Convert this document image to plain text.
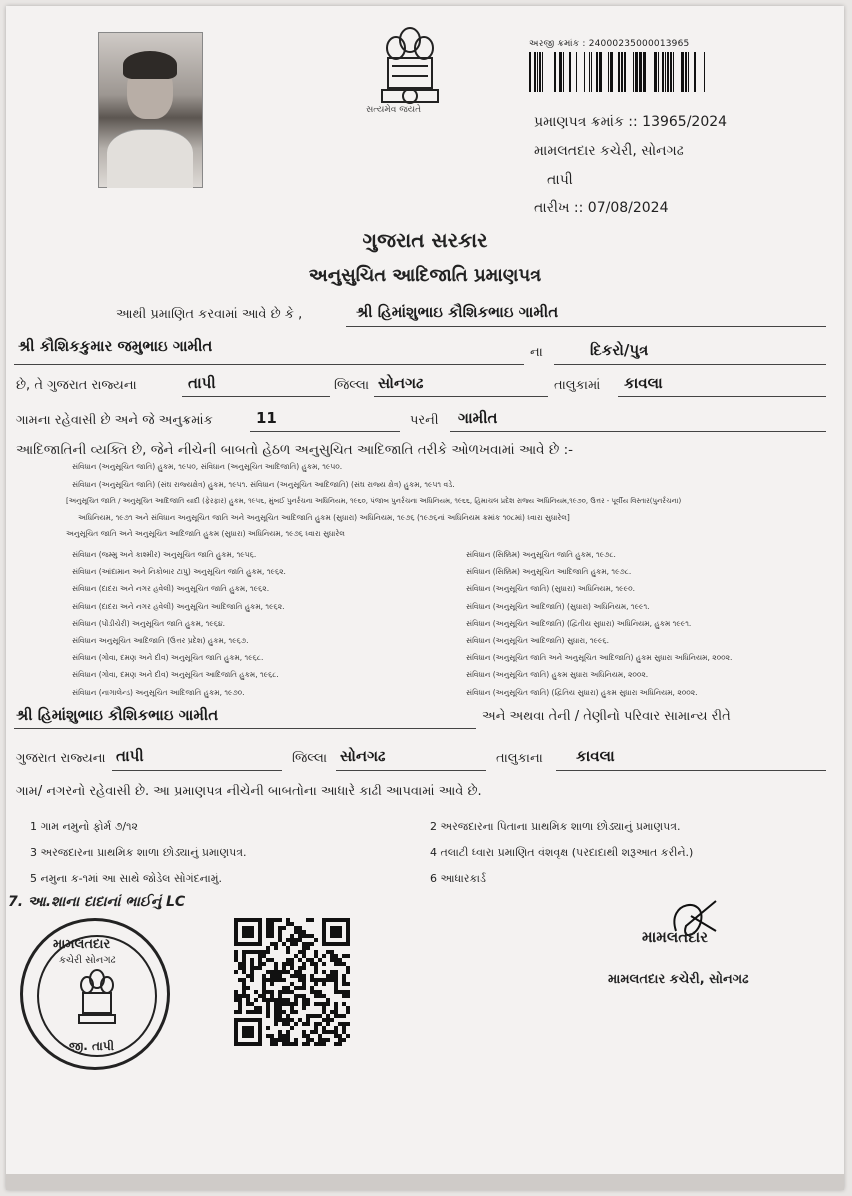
સત્યમેવ જયતે
અરજી ક્રમાંક : 24000235000013965
પ્રમાણપત્ર ક્રમાંક :: 13965/2024
મામલતદાર કચેરી, સોનગઢ
તાપી
તારીખ :: 07/08/2024
ગુજરાત સરકાર
અનુસુચિત આદિજાતિ પ્રમાણપત્ર
આથી પ્રમાણિત કરવામાં આવે છે કે ,	શ્રી હિમાંશુભાઇ કૌશિકભાઇ ગામીત
શ્રી કૌશિકકુમાર જમુભાઇ ગામીત	ના	દિકરો/પુત્ર
છે, તે ગુજરાત રાજ્યના	તાપી	જિલ્લા સોનગઢ	તાલુકામાં કાવલા
ગામના રહેવાસી છે અને જે અનુક્રમાંક	11	પરની ગામીત
આદિજાતિની વ્યક્તિ છે, જેને નીચેની બાબતો હેઠળ અનુસુચિત આદિજાતિ તરીકે ઓળખવામાં આવે છે :-
સંવિધાન (અનુસૂચિત જાતિ) હુકમ, ૧૯૫૦, સંવિધાન (અનુસૂચિત આદિજાતિ) હુકમ, ૧૯૫૦.
સંવિધાન (અનુસૂચિત જાતિ) (સંઘ રાજ્યક્ષેત્ર) હુકમ, ૧૯૫૧. સંવિધાન (અનુસૂચિત આદિજાતિ) (સંઘ રાજ્ય ક્ષેત્ર) હુકમ, ૧૯૫૧ વડે.
[અનુસૂચિત જાતિ / અનુસૂચિત આદિજાતિ યાદી (ફેરફાર) હુકમ, ૧૯૫૬, મુંબઈ પુનર્રચના અધિનિયમ, ૧૯૬૦, પંજાબ પુનર્રચના અધિનિયમ, ૧૯૬૬, હિમાચલ પ્રદેશ રાજ્ય અધિનિયમ,૧૯૭૦, ઉત્તર - પૂર્વીય વિસ્તાર(પુનર્રચના)
અધિનિયમ, ૧૯૭૧ અને સંવિધાન અનુસૂચિત જાતિ અને અનુસૂચિત આદિજાતિ હુકમ (સુધારા) અધિનિયમ, ૧૯૭૬ (૧૯૭૬નાં અધિનિયમ ક્રમાંક ૧૦૮માં) ધ્વારા સુધારેલ]
અનુસૂચિત જાતિ અને અનુસૂચિત આદિજાતિ હુકમ (સુધારા) અધિનિયમ, ૧૯૭૬ ધ્વારા સુધારેલ
સંવિધાન (જમ્મુ અને કાશ્મીર) અનુસૂચિત જાતિ હુકમ, ૧૯૫૬.
સંવિધાન (આંદામાન અને નિકોબાર ટાપુ) અનુસૂચિત જાતિ હુકમ, ૧૯૬૨.
સંવિધાન (દાદરા અને નગર હવેલી) અનુસૂચિત જાતિ હુકમ, ૧૯૬૨.
સંવિધાન (દાદરા અને નગર હવેલી) અનુસૂચિત આદિજાતિ હુકમ, ૧૯૬૨.
સંવિધાન (પોંડીચેરી) અનુસૂચિત જાતિ હુકમ, ૧૯૬૪.
સંવિધાન અનુસૂચિત આદિજાતિ (ઉત્તર પ્રદેશ) હુકમ, ૧૯૬૭.
સંવિધાન (ગોવા, દમણ અને દીવ) અનુસૂચિત જાતિ હુકમ, ૧૯૬૮.
સંવિધાન (ગોવા, દમણ અને દીવ) અનુસૂચિત આદિજાતિ હુકમ, ૧૯૬૮.
સંવિધાન (નાગાલેન્ડ) અનુસૂચિત આદિજાતિ હુકમ, ૧૯૭૦.
સંવિધાન (સિક્કિમ) અનુસૂચિત જાતિ હુકમ, ૧૯૭૮.
સંવિધાન (સિક્કિમ) અનુસૂચિત આદિજાતિ હુકમ, ૧૯૭૮.
સંવિધાન (અનુસૂચિત જાતિ) (સુધારા) અધિનિયમ, ૧૯૯૦.
સંવિધાન (અનુસૂચિત આદિજાતિ) (સુધારા) અધિનિયમ, ૧૯૯૧.
સંવિધાન (અનુસૂચિત આદિજાતિ) (દ્વિતીય સુધારા) અધિનિયમ, હુકમ ૧૯૯૧.
સંવિધાન (અનુસૂચિત આદિજાતિ) સુધારા, ૧૯૯૬.
સંવિધાન (અનુસૂચિત જાતિ અને અનુસૂચિત આદિજાતિ) હુકમ સુધારા અધિનિયમ, ૨૦૦૨.
સંવિધાન (અનુસૂચિત જાતિ) હુકમ સુધારા અધિનિયમ, ૨૦૦૨.
સંવિધાન (અનુસૂચિત જાતિ) (દ્વિતિય સુધારા) હુકમ સુધારા અધિનિયમ, ૨૦૦૨.
શ્રી હિમાંશુભાઇ કૌશિકભાઇ ગામીત	અને અથવા તેની / તેણીનો પરિવાર સામાન્ય રીતે
ગુજરાત રાજ્યના તાપી	જિલ્લા સોનગઢ	તાલુકાના કાવલા
ગામ/ નગરનો રહેવાસી છે. આ પ્રમાણપત્ર નીચેની બાબતોના આધારે કાઢી આપવામાં આવે છે.
1 ગામ નમુનો ફોર્મ ૭/૧૨	2 અરજદારના પિતાના પ્રાથમિક શાળા છોડ્યાનું પ્રમાણપત્ર.
3 અરજદારના પ્રાથમિક શાળા છોડ્યાનું પ્રમાણપત્ર.	4 તલાટી ધ્વારા પ્રમાણિત વંશવૃક્ષ (પરદાદાથી શરૂઆત કરીને.)
5 નમુના ક-૧માં આ સાથે જોડેલ સોગંદનામું.	6 આધારકાર્ડ
7. આ.શાના દાદાનાં ભાઈનું LC
મામલતદાર
કચેરી સોનગઢ
જી. તાપી
મામલતદાર
મામલતદાર કચેરી, સોનગઢ
